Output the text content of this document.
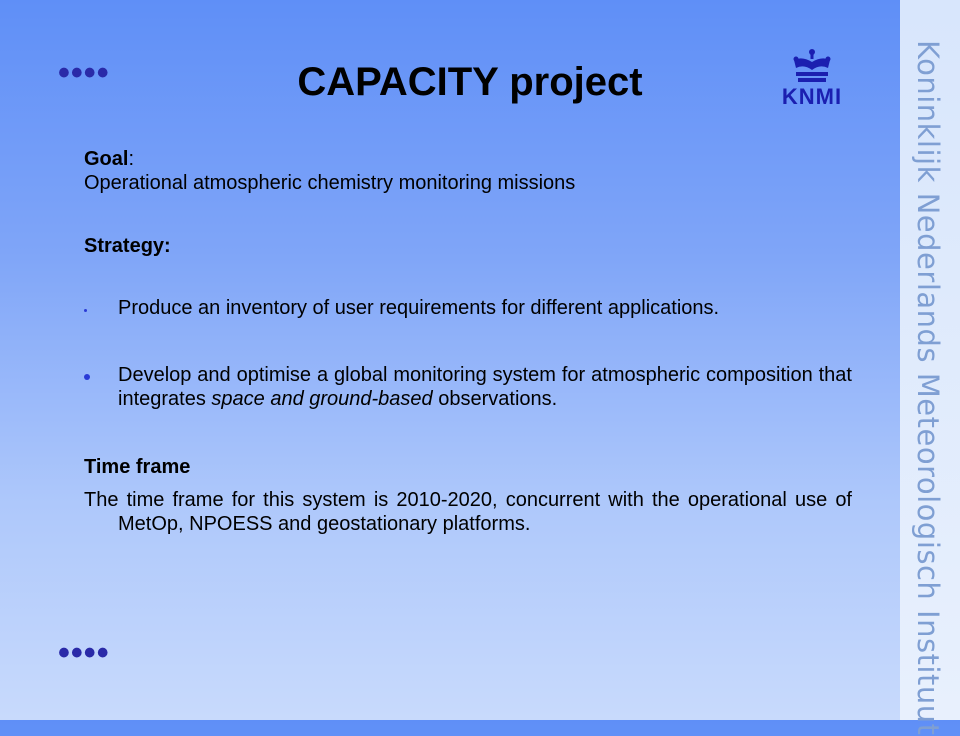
Koninklijk Nederlands Meteorologisch Instituut
••••
••••
CAPACITY project	KNMI

Goal:

Operational atmospheric chemistry monitoring missions

Strategy:

Produce an inventory of user requirements for different applications.
Develop and optimise a global monitoring system for atmospheric composition that integrates space and ground-based observations.

Time frame

The time frame for this system is 2010-2020, concurrent with the operational use of MetOp, NPOESS and geostationary platforms.
